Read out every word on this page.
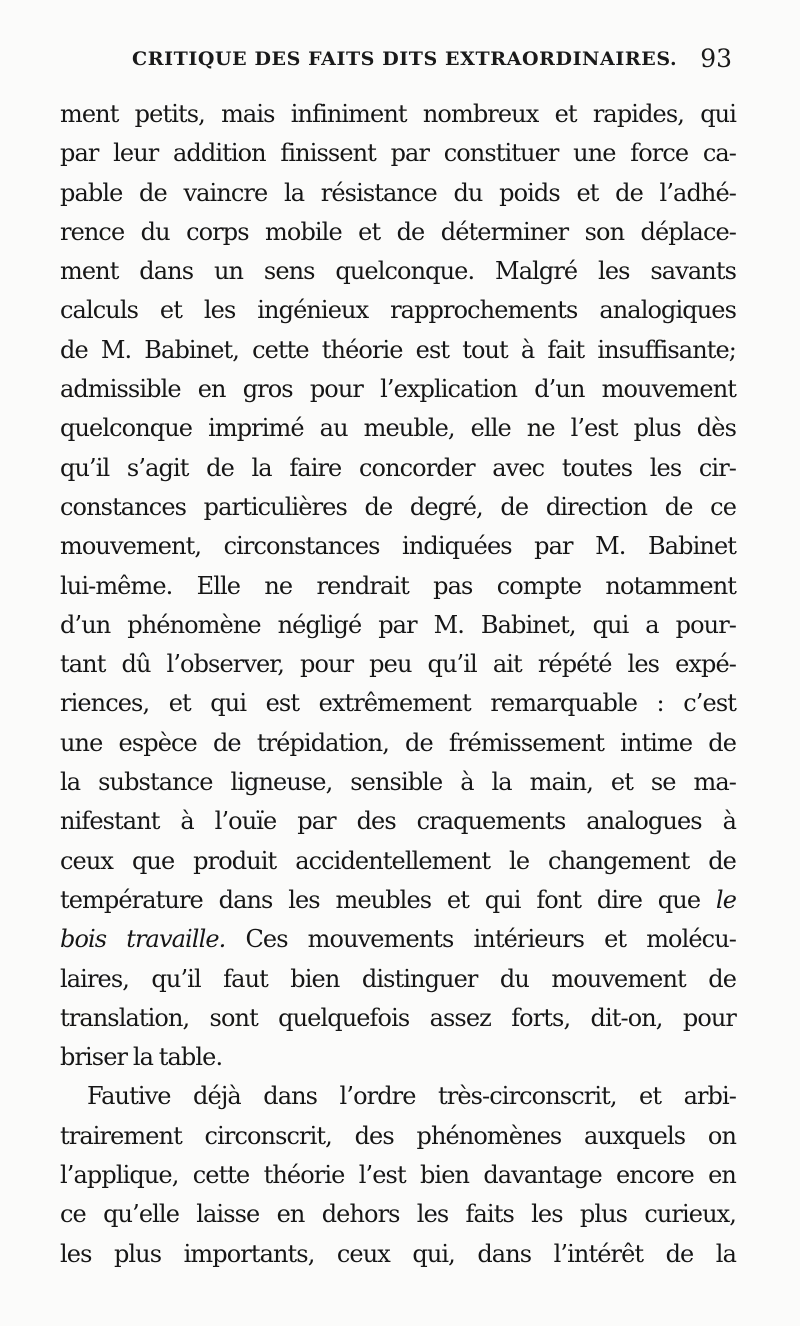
CRITIQUE DES FAITS DITS EXTRAORDINAIRES. 93
ment petits, mais infiniment nombreux et rapides, qui
par leur addition finissent par constituer une force ca-
pable de vaincre la résistance du poids et de l’adhé-
rence du corps mobile et de déterminer son déplace-
ment dans un sens quelconque. Malgré les savants
calculs et les ingénieux rapprochements analogiques
de M. Babinet, cette théorie est tout à fait insuffisante;
admissible en gros pour l’explication d’un mouvement
quelconque imprimé au meuble, elle ne l’est plus dès
qu’il s’agit de la faire concorder avec toutes les cir-
constances particulières de degré, de direction de ce
mouvement, circonstances indiquées par M. Babinet
lui-même. Elle ne rendrait pas compte notamment
d’un phénomène négligé par M. Babinet, qui a pour-
tant dû l’observer, pour peu qu’il ait répété les expé-
riences, et qui est extrêmement remarquable : c’est
une espèce de trépidation, de frémissement intime de
la substance ligneuse, sensible à la main, et se ma-
nifestant à l’ouïe par des craquements analogues à
ceux que produit accidentellement le changement de
température dans les meubles et qui font dire que le
bois travaille. Ces mouvements intérieurs et molécu-
laires, qu’il faut bien distinguer du mouvement de
translation, sont quelquefois assez forts, dit-on, pour
briser la table.
Fautive déjà dans l’ordre très-circonscrit, et arbi-
trairement circonscrit, des phénomènes auxquels on
l’applique, cette théorie l’est bien davantage encore en
ce qu’elle laisse en dehors les faits les plus curieux,
les plus importants, ceux qui, dans l’intérêt de la
